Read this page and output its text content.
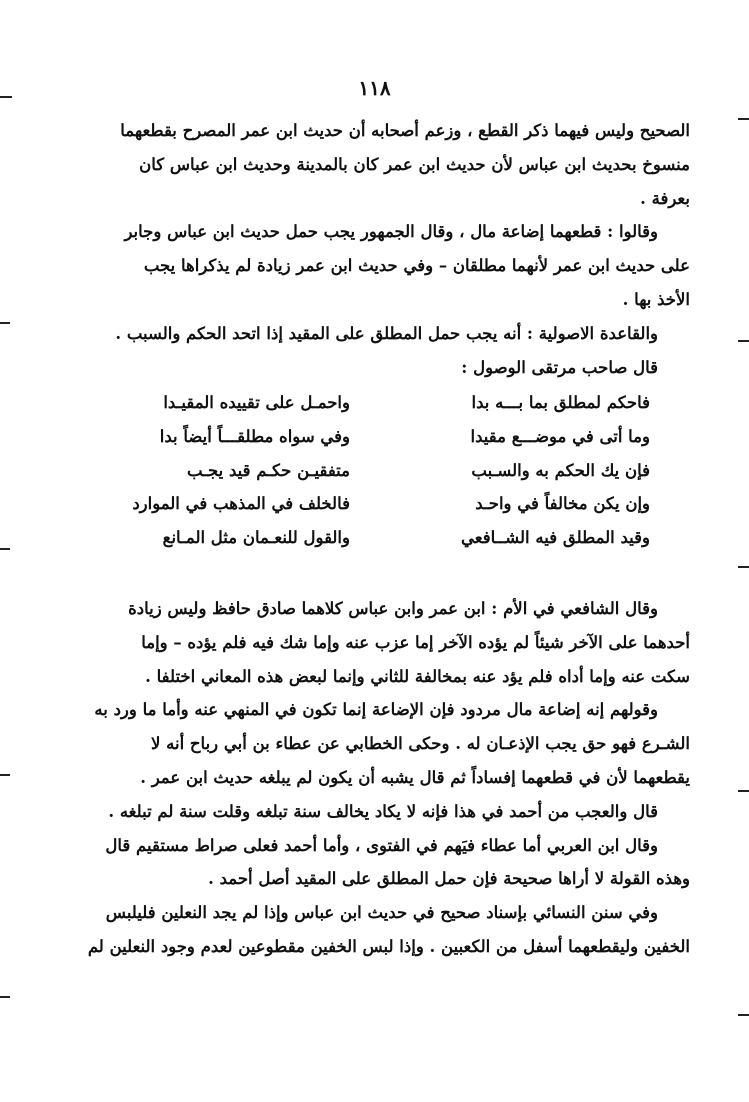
١١٨
الصحيح وليس فيهما ذكر القطع ، وزعم أصحابه أن حديث ابن عمر المصرح بقطعهما
منسوخ بحديث ابن عباس لأن حديث ابن عمر كان بالمدينة وحديث ابن عباس كان
بعرفة .
وقالوا : قطعهما إضاعة مال ، وقال الجمهور يجب حمل حديث ابن عباس وجابر
على حديث ابن عمر لأنهما مطلقان – وفي حديث ابن عمر زيادة لم يذكراها يجب
الأخذ بها .
والقاعدة الاصولية : أنه يجب حمل المطلق على المقيد إذا اتحد الحكم والسبب .
قال صاحب مرتقى الوصول :
فاحكم لمطلق بما بـــه بدا
واحمـل على تقييده المقيـدا
وما أتى في موضـــع مقيدا
وفي سواه مطلقـــاً أيضاً بدا
فإن يك الحكم به والسـبب
متفقيـن حكـم قيد يجـب
وإن يكن مخالفاً في واحـد
فالخلف في المذهب في الموارد
وقيد المطلق فيه الشــافعي
والقول للنعـمان مثل المـانع
وقال الشافعي في الأم : ابن عمر وابن عباس كلاهما صادق حافظ وليس زيادة
أحدهما على الآخر شيئاً لم يؤده الآخر إما عزب عنه وإما شك فيه فلم يؤده – وإما
سكت عنه وإما أداه فلم يؤد عنه بمخالفة للثاني وإنما لبعض هذه المعاني اختلفا .
وقولهم إنه إضاعة مال مردود فإن الإضاعة إنما تكون في المنهي عنه وأما ما ورد به
الشـرع فهو حق يجب الإذعـان له . وحكى الخطابي عن عطاء بن أبي رباح أنه لا
يقطعهما لأن في قطعهما إفساداً ثم قال يشبه أن يكون لم يبلغه حديث ابن عمر .
قال والعجب من أحمد في هذا فإنه لا يكاد يخالف سنة تبلغه وقلت سنة لم تبلغه .
وقال ابن العربي أما عطاء فيَهم في الفتوى ، وأما أحمد فعلى صراط مستقيم قال
وهذه القولة لا أراها صحيحة فإن حمل المطلق على المقيد أصل أحمد .
وفي سنن النسائي بإسناد صحيح في حديث ابن عباس وإذا لم يجد النعلين فليلبس
الخفين وليقطعهما أسفل من الكعبين . وإذا لبس الخفين مقطوعين لعدم وجود النعلين لم
